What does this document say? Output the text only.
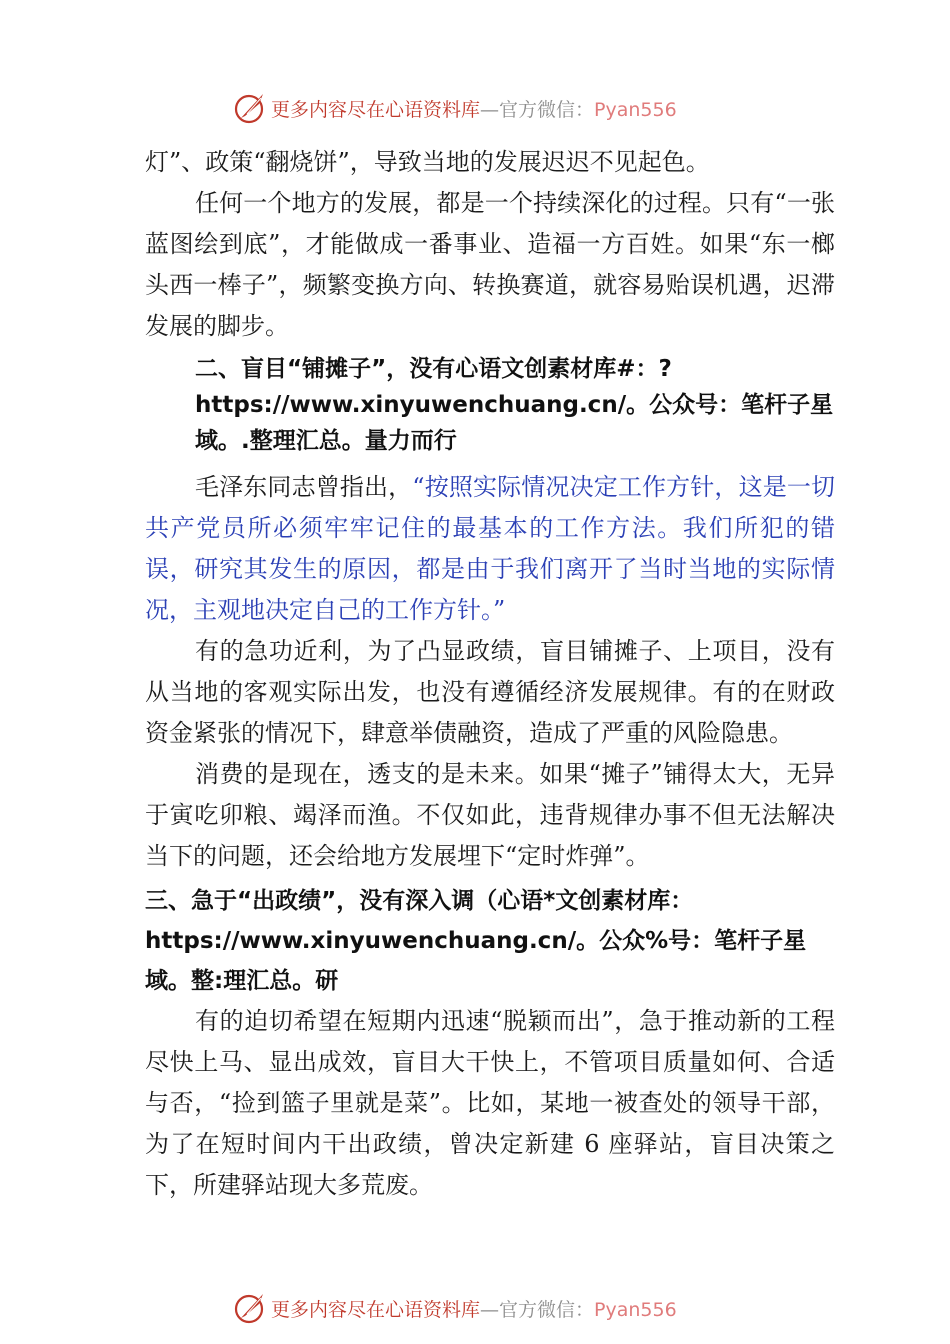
更多内容尽在心语资料库—官方微信：Pyan556

灯”、政策“翻烧饼”，导致当地的发展迟迟不见起色。

任何一个地方的发展，都是一个持续深化的过程。只有“一张蓝图绘到底”，才能做成一番事业、造福一方百姓。如果“东一榔头西一棒子”，频繁变换方向、转换赛道，就容易贻误机遇，迟滞发展的脚步。

二、盲目“铺摊子”，没有心语文创素材库#：?https://www.xinyuwenchuang.cn/。公众号：笔杆子星域。.整理汇总。量力而行

毛泽东同志曾指出，“按照实际情况决定工作方针，这是一切共产党员所必须牢牢记住的最基本的工作方法。我们所犯的错误，研究其发生的原因，都是由于我们离开了当时当地的实际情况，主观地决定自己的工作方针。”

有的急功近利，为了凸显政绩，盲目铺摊子、上项目，没有从当地的客观实际出发，也没有遵循经济发展规律。有的在财政资金紧张的情况下，肆意举债融资，造成了严重的风险隐患。

消费的是现在，透支的是未来。如果“摊子”铺得太大，无异于寅吃卯粮、竭泽而渔。不仅如此，违背规律办事不但无法解决当下的问题，还会给地方发展埋下“定时炸弹”。

三、急于“出政绩”，没有深入调（心语*文创素材库：https://www.xinyuwenchuang.cn/。公众%号：笔杆子星域。整:理汇总。研

有的迫切希望在短期内迅速“脱颖而出”，急于推动新的工程尽快上马、显出成效，盲目大干快上，不管项目质量如何、合适与否，“捡到篮子里就是菜”。比如，某地一被查处的领导干部，为了在短时间内干出政绩，曾决定新建 6 座驿站，盲目决策之下，所建驿站现大多荒废。

更多内容尽在心语资料库—官方微信：Pyan556
